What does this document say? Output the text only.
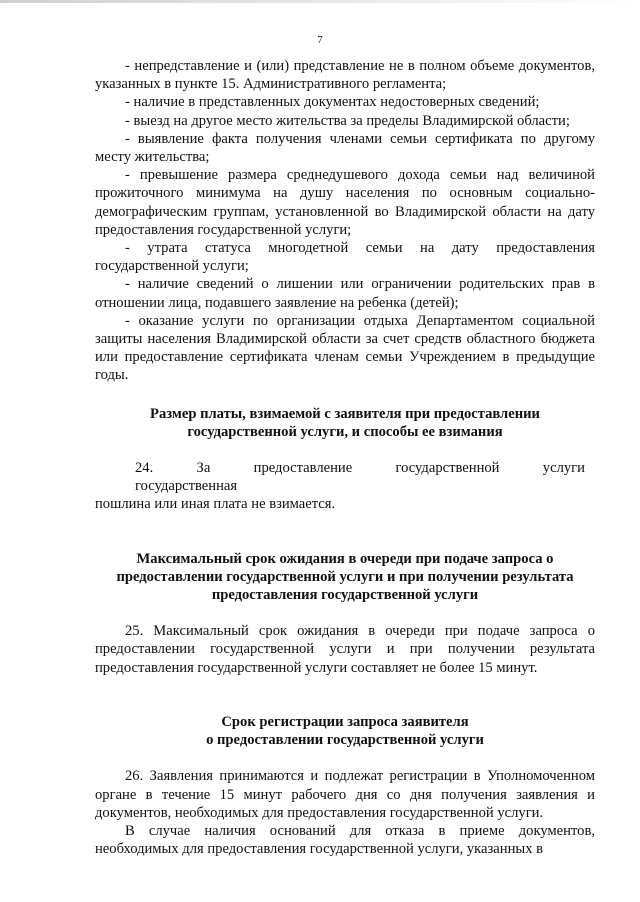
7

- непредставление и (или) представление не в полном объеме документов, указанных в пункте 15. Административного регламента;

- наличие в представленных документах недостоверных сведений;

- выезд на другое место жительства за пределы Владимирской области;

- выявление факта получения членами семьи сертификата по другому месту жительства;

- превышение размера среднедушевого дохода семьи над величиной прожиточного минимума на душу населения по основным социально-демографическим группам, установленной во Владимирской области на дату предоставления государственной услуги;

- утрата статуса многодетной семьи на дату предоставления государственной услуги;

- наличие сведений о лишении или ограничении родительских прав в отношении лица, подавшего заявление на ребенка (детей);

- оказание услуги по организации отдыха Департаментом социальной защиты населения Владимирской области за счет средств областного бюджета или предоставление сертификата членам семьи Учреждением в предыдущие годы.

Размер платы, взимаемой с заявителя при предоставлении
государственной услуги, и способы ее взимания
24.	За	предоставление	государственной	услуги
государственная
пошлина или иная плата не взимается.
Максимальный срок ожидания в очереди при подаче запроса о
предоставлении государственной услуги и при получении результата
предоставления государственной услуги

25. Максимальный срок ожидания в очереди при подаче запроса о предоставлении государственной услуги и при получении результата предоставления государственной услуги составляет не более 15 минут.

Срок регистрации запроса заявителя
о предоставлении государственной услуги

26. Заявления принимаются и подлежат регистрации в Уполномоченном органе в течение 15 минут рабочего дня со дня получения заявления и документов, необходимых для предоставления государственной услуги.

В случае наличия оснований для отказа в приеме документов, необходимых для предоставления государственной услуги, указанных в
